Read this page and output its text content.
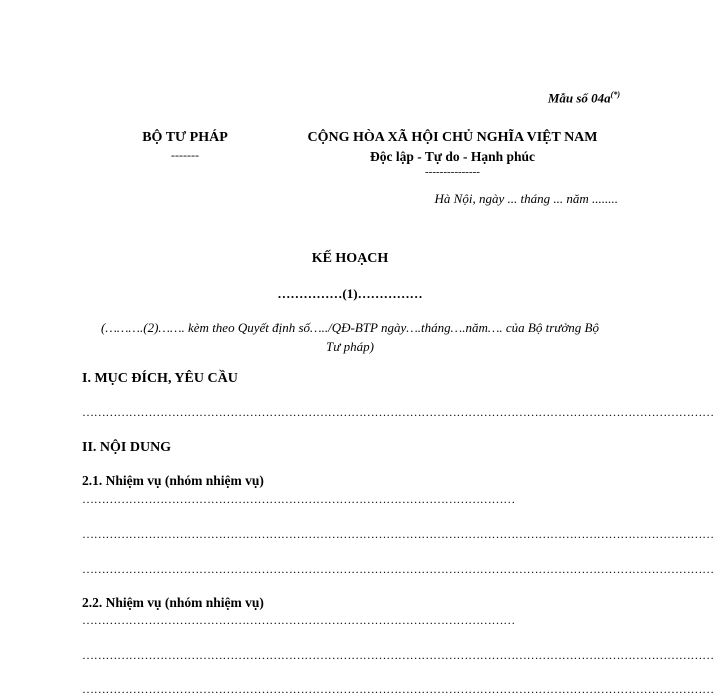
Mẫu số 04a(*)
BỘ TƯ PHÁP
-------
CỘNG HÒA XÃ HỘI CHỦ NGHĨA VIỆT NAM
Độc lập - Tự do - Hạnh phúc
---------------
Hà Nội, ngày ... tháng ... năm ........
KẾ HOẠCH
……………(1)……………
(……….(2)……. kèm theo Quyết định số…../QĐ-BTP ngày….tháng….năm…. của Bộ trưởng Bộ Tư pháp)
I. MỤC ĐÍCH, YÊU CẦU
………………………………………………………………………………………………………………………………………………
II. NỘI DUNG
2.1. Nhiệm vụ (nhóm nhiệm vụ)
…………………………………………………………………………………………………
………………………………………………………………………………………………………………………………………………
………………………………………………………………………………………………………………………………………………
2.2. Nhiệm vụ (nhóm nhiệm vụ)
…………………………………………………………………………………………………
………………………………………………………………………………………………………………………………………………
………………………………………………………………………………………………………………………………………………
